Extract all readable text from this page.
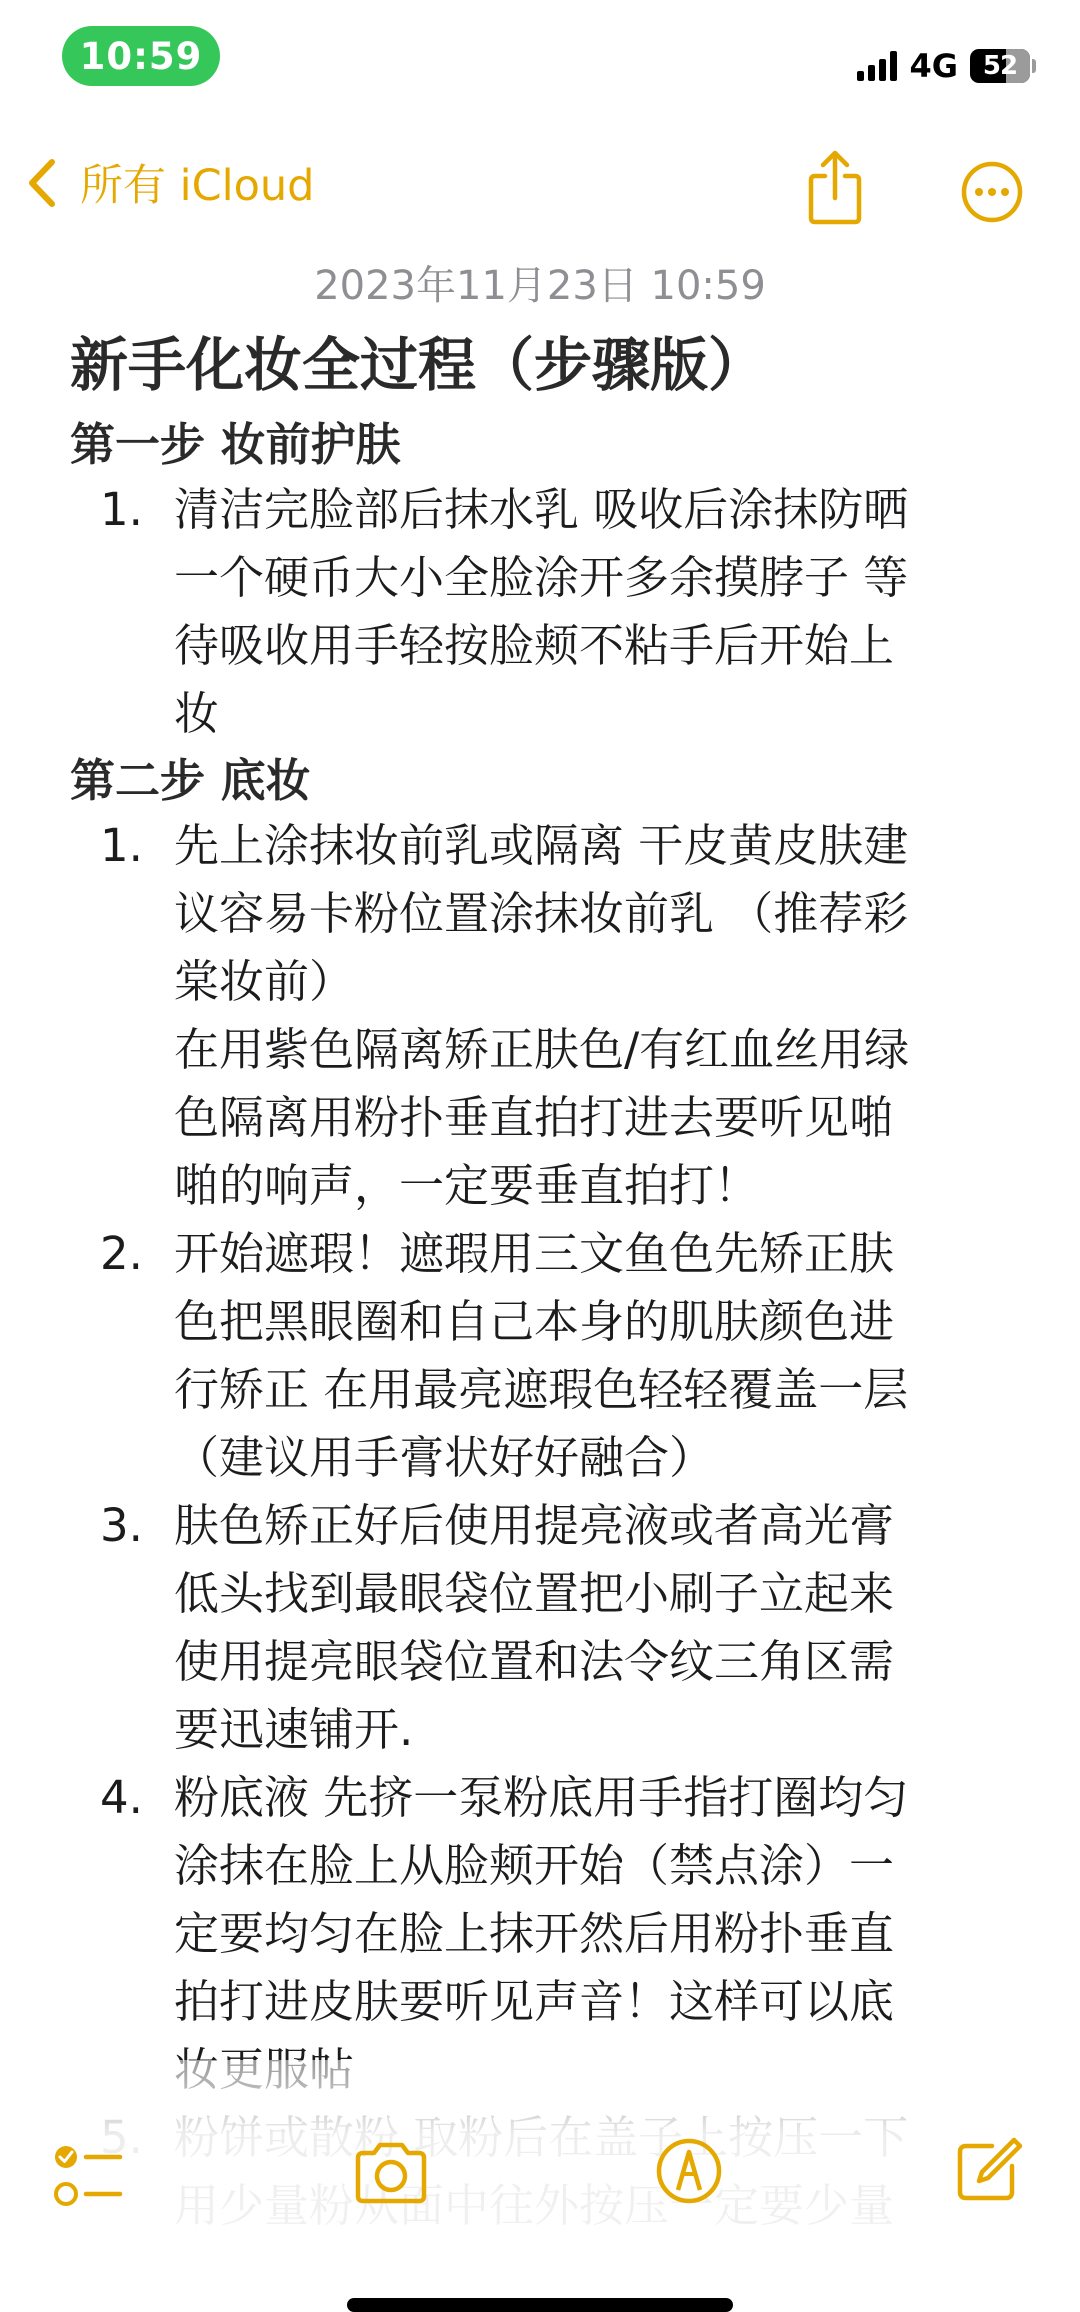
10:59	4G 52
所有 iCloud
2023年11月23日 10:59
新手化妆全过程（步骤版）
第一步 妆前护肤
1. 清洁完脸部后抹水乳 吸收后涂抹防晒
一个硬币大小全脸涂开多余摸脖子 等
待吸收用手轻按脸颊不粘手后开始上
妆
第二步 底妆
1. 先上涂抹妆前乳或隔离 干皮黄皮肤建
议容易卡粉位置涂抹妆前乳 （推荐彩
棠妆前）
在用紫色隔离矫正肤色/有红血丝用绿
色隔离用粉扑垂直拍打进去要听见啪
啪的响声，一定要垂直拍打！
2. 开始遮瑕！遮瑕用三文鱼色先矫正肤
色把黑眼圈和自己本身的肌肤颜色进
行矫正 在用最亮遮瑕色轻轻覆盖一层
（建议用手膏状好好融合）
3. 肤色矫正好后使用提亮液或者高光膏
低头找到最眼袋位置把小刷子立起来
使用提亮眼袋位置和法令纹三角区需
要迅速铺开.
4. 粉底液 先挤一泵粉底用手指打圈均匀
涂抹在脸上从脸颊开始（禁点涂）一
定要均匀在脸上抹开然后用粉扑垂直
拍打进皮肤要听见声音！这样可以底
